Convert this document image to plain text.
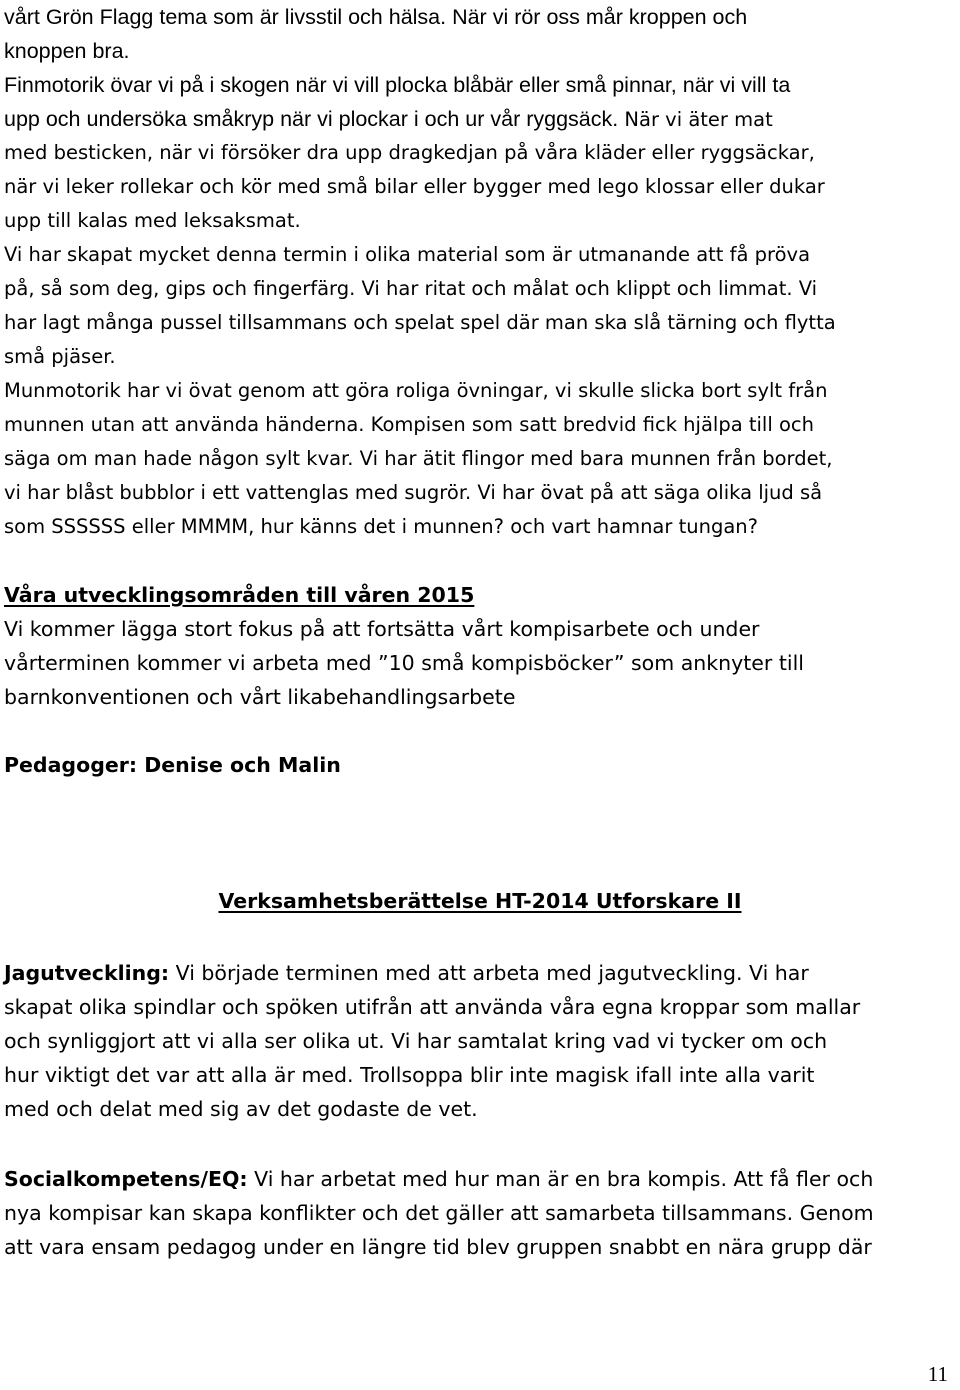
vårt Grön Flagg tema som är livsstil och hälsa. När vi rör oss mår kroppen och
knoppen bra.
Finmotorik övar vi på i skogen när vi vill plocka blåbär eller små pinnar, när vi vill ta
upp och undersöka småkryp när vi plockar i och ur vår ryggsäck. När vi äter mat
med besticken, när vi försöker dra upp dragkedjan på våra kläder eller ryggsäckar,
när vi leker rollekar och kör med små bilar eller bygger med lego klossar eller dukar
upp till kalas med leksaksmat.
Vi har skapat mycket denna termin i olika material som är utmanande att få pröva
på, så som deg, gips och fingerfärg. Vi har ritat och målat och klippt och limmat. Vi
har lagt många pussel tillsammans och spelat spel där man ska slå tärning och flytta
små pjäser.
Munmotorik har vi övat genom att göra roliga övningar, vi skulle slicka bort sylt från
munnen utan att använda händerna. Kompisen som satt bredvid fick hjälpa till och
säga om man hade någon sylt kvar. Vi har ätit flingor med bara munnen från bordet,
vi har blåst bubblor i ett vattenglas med sugrör. Vi har övat på att säga olika ljud så
som SSSSSS eller MMMM, hur känns det i munnen? och vart hamnar tungan?
Våra utvecklingsområden till våren 2015
Vi kommer lägga stort fokus på att fortsätta vårt kompisarbete och under
vårterminen kommer vi arbeta med ”10 små kompisböcker” som anknyter till
barnkonventionen och vårt likabehandlingsarbete
Pedagoger: Denise och Malin
Verksamhetsberättelse HT-2014 Utforskare II
Jagutveckling: Vi började terminen med att arbeta med jagutveckling. Vi har
skapat olika spindlar och spöken utifrån att använda våra egna kroppar som mallar
och synliggjort att vi alla ser olika ut. Vi har samtalat kring vad vi tycker om och
hur viktigt det var att alla är med. Trollsoppa blir inte magisk ifall inte alla varit
med och delat med sig av det godaste de vet.
Socialkompetens/EQ: Vi har arbetat med hur man är en bra kompis. Att få fler och
nya kompisar kan skapa konflikter och det gäller att samarbeta tillsammans. Genom
att vara ensam pedagog under en längre tid blev gruppen snabbt en nära grupp där
11
